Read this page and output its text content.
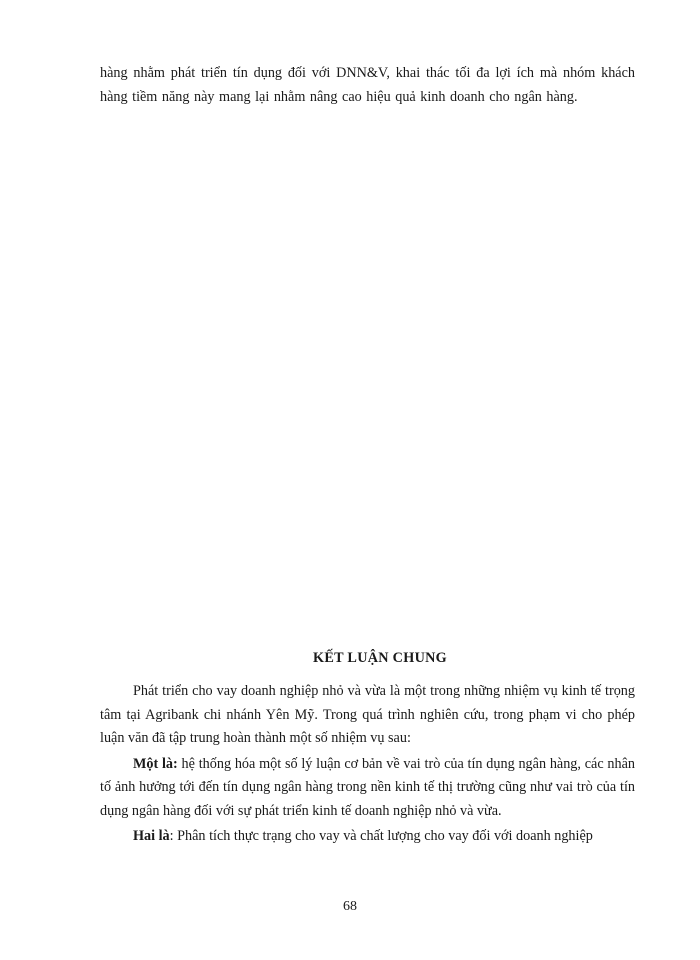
hàng nhằm phát triển tín dụng đối với DNN&V, khai thác tối đa lợi ích mà nhóm khách hàng tiềm năng này mang lại nhằm nâng cao hiệu quả kinh doanh cho ngân hàng.

KẾT LUẬN CHUNG

Phát triển cho vay doanh nghiệp nhỏ và vừa là một trong những nhiệm vụ kinh tế trọng tâm tại Agribank chi nhánh Yên Mỹ. Trong quá trình nghiên cứu, trong phạm vi cho phép luận văn đã tập trung hoàn thành một số nhiệm vụ sau:

Một là: hệ thống hóa một số lý luận cơ bản về vai trò của tín dụng ngân hàng, các nhân tố ảnh hưởng tới đến tín dụng ngân hàng trong nền kinh tế thị trường cũng như vai trò của tín dụng ngân hàng đối với sự phát triển kinh tế doanh nghiệp nhỏ và vừa.

Hai là: Phân tích thực trạng cho vay và chất lượng cho vay đối với doanh nghiệp

68
